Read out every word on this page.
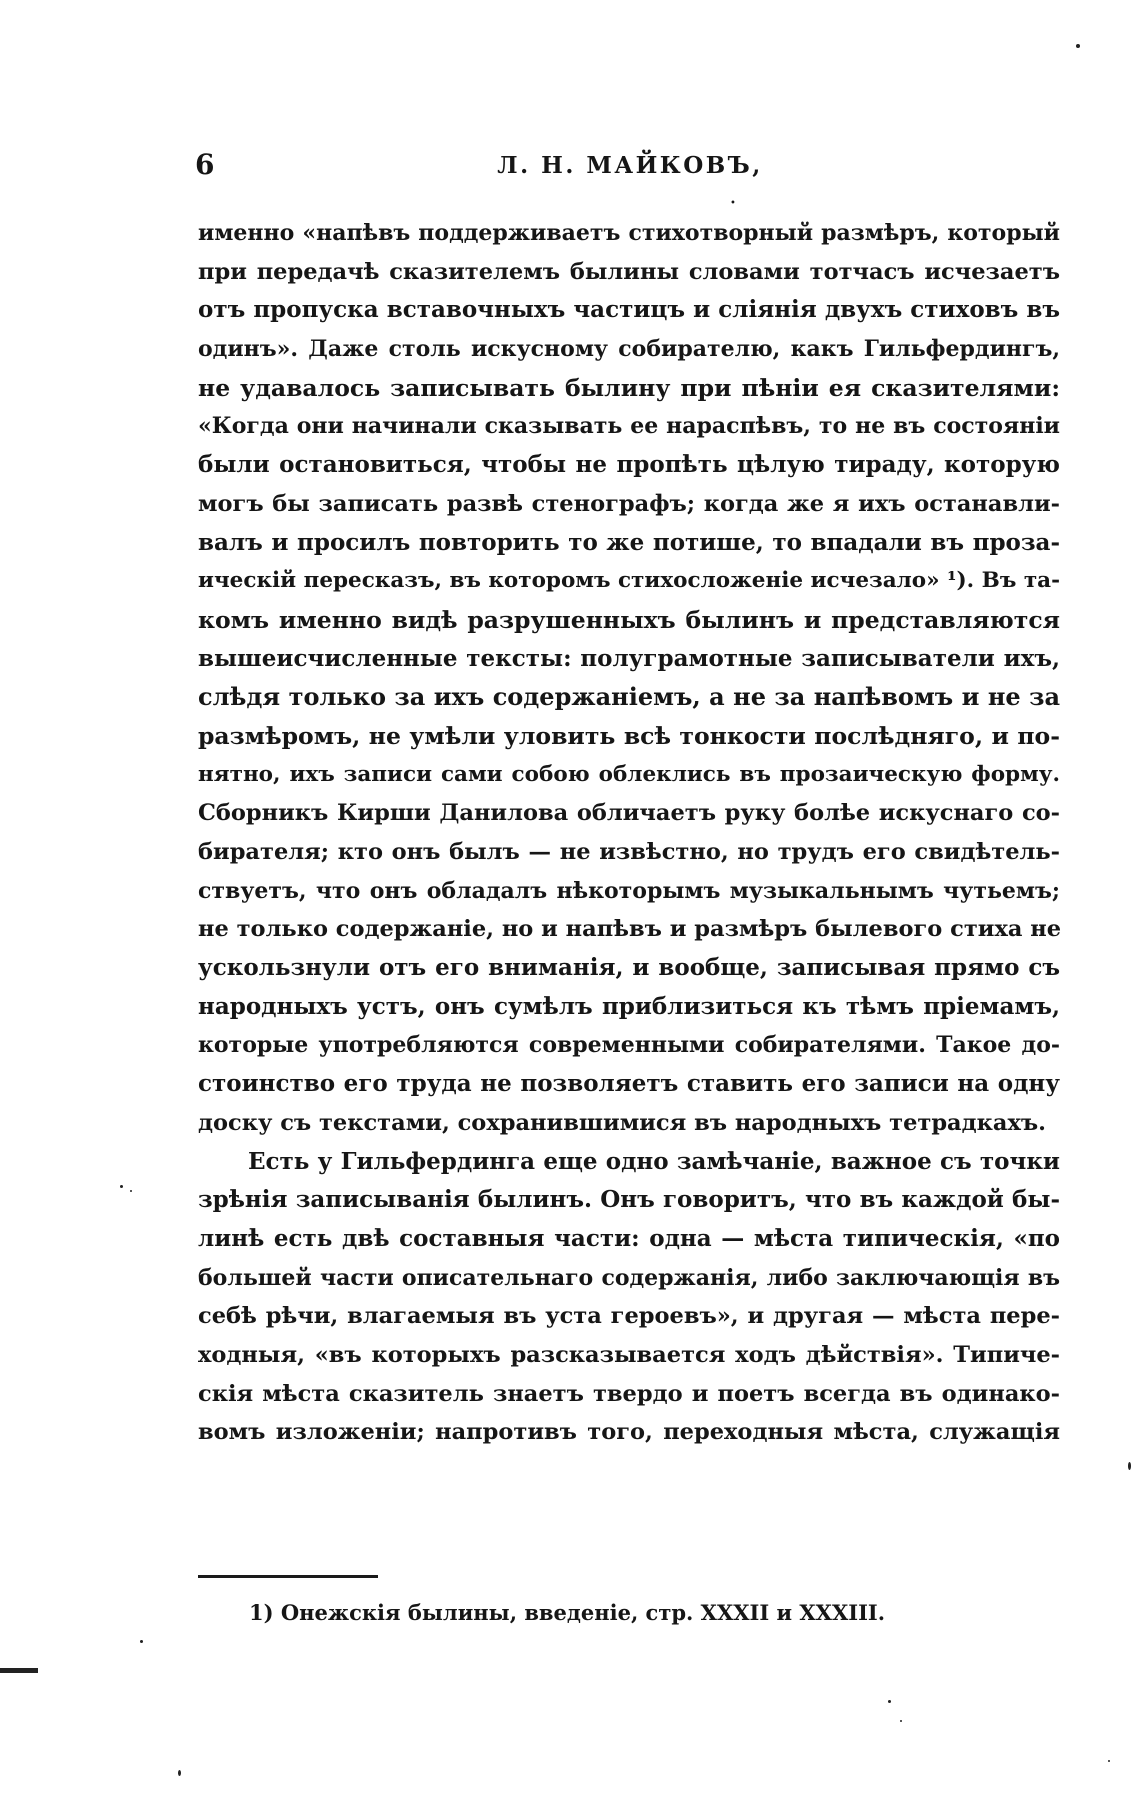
6	Л. Н. МАЙКОВЪ,
•
именно «напѣвъ поддерживаетъ стихотворный размѣръ, который
при передачѣ сказителемъ былины словами тотчасъ исчезаетъ
отъ пропуска вставочныхъ частицъ и слiянiя двухъ стиховъ въ
одинъ». Даже столь искусному собирателю, какъ Гильфердингъ,
не удавалось записывать былину при пѣнiи ея сказителями:
«Когда они начинали сказывать ее нараспѣвъ, то не въ состоянiи
были остановиться, чтобы не пропѣть цѣлую тираду, которую
могъ бы записать развѣ стенографъ; когда же я ихъ останавли-
валъ и просилъ повторить то же потише, то впадали въ проза-
ическiй пересказъ, въ которомъ стихосложенiе исчезало» ¹). Въ та-
комъ именно видѣ разрушенныхъ былинъ и представляются
вышеисчисленные тексты: полуграмотные записыватели ихъ,
слѣдя только за ихъ содержанiемъ, а не за напѣвомъ и не за
размѣромъ, не умѣли уловить всѣ тонкости послѣдняго, и по-
нятно, ихъ записи сами собою облеклись въ прозаическую форму.
Сборникъ Кирши Данилова обличаетъ руку болѣе искуснаго со-
бирателя; кто онъ былъ — не извѣстно, но трудъ его свидѣтель-
ствуетъ, что онъ обладалъ нѣкоторымъ музыкальнымъ чутьемъ;
не только содержанiе, но и напѣвъ и размѣръ былевого стиха не
ускользнули отъ его вниманiя, и вообще, записывая прямо съ
народныхъ устъ, онъ сумѣлъ приблизиться къ тѣмъ прiемамъ,
которые употребляются современными собирателями. Такое до-
стоинство его труда не позволяетъ ставить его записи на одну
доску съ текстами, сохранившимися въ народныхъ тетрадкахъ.
Есть у Гильфердинга еще одно замѣчанiе, важное съ точки
зрѣнiя записыванiя былинъ. Онъ говоритъ, что въ каждой бы-
линѣ есть двѣ составныя части: одна — мѣста типическiя, «по
большей части описательнаго содержанiя, либо заключающiя въ
себѣ рѣчи, влагаемыя въ уста героевъ», и другая — мѣста пере-
ходныя, «въ которыхъ разсказывается ходъ дѣйствiя». Типиче-
скiя мѣста сказитель знаетъ твердо и поетъ всегда въ одинако-
вомъ изложенiи; напротивъ того, переходныя мѣста, служащiя
1) Онежскiя былины, введенiе, стр. XXXII и XXXIII.
